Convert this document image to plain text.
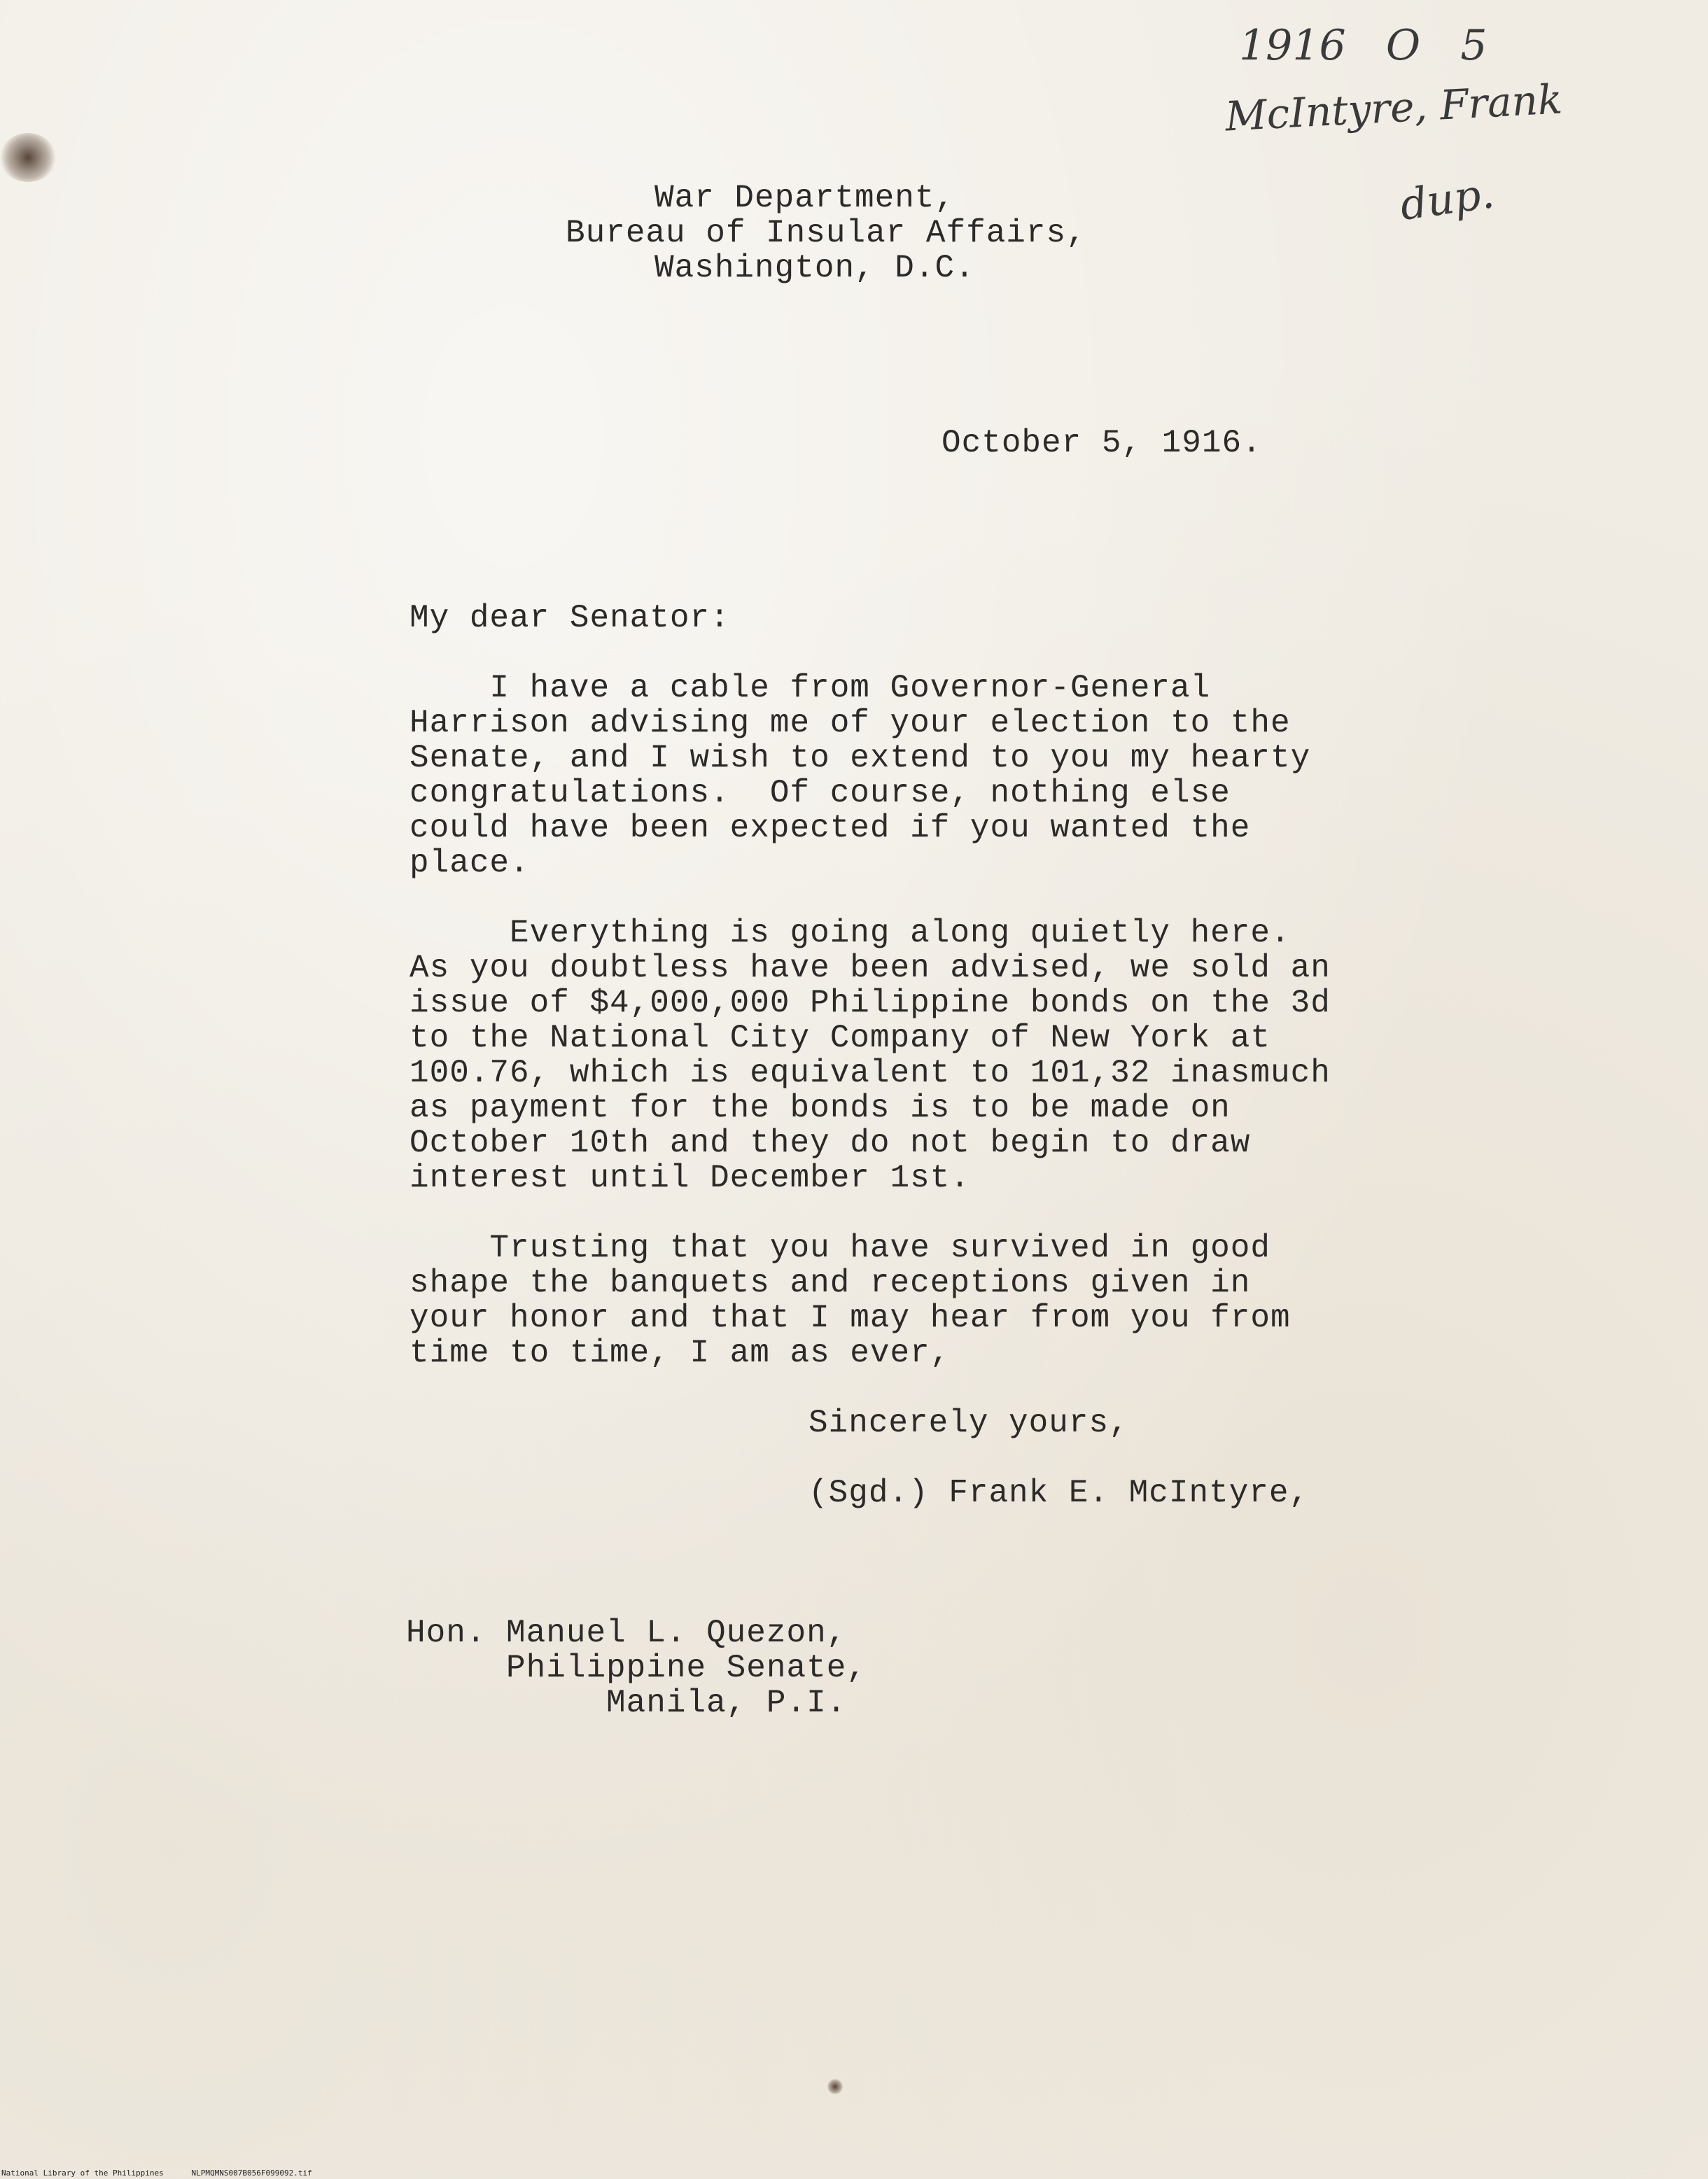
1916   O   5
McIntyre, Frank
dup.
War Department,
Bureau of Insular Affairs,
Washington, D.C.
October 5, 1916.
My dear Senator:
I have a cable from Governor-General
Harrison advising me of your election to the
Senate, and I wish to extend to you my hearty
congratulations.  Of course, nothing else
could have been expected if you wanted the
place.
Everything is going along quietly here.
As you doubtless have been advised, we sold an
issue of $4,000,000 Philippine bonds on the 3d
to the National City Company of New York at
100.76, which is equivalent to 101,32 inasmuch
as payment for the bonds is to be made on
October 10th and they do not begin to draw
interest until December 1st.
Trusting that you have survived in good
shape the banquets and receptions given in
your honor and that I may hear from you from
time to time, I am as ever,
Sincerely yours,
(Sgd.) Frank E. McIntyre,
Hon. Manuel L. Quezon,
Philippine Senate,
Manila, P.I.
National Library of the Philippines	NLPMQMNS007B056F099092.tif
